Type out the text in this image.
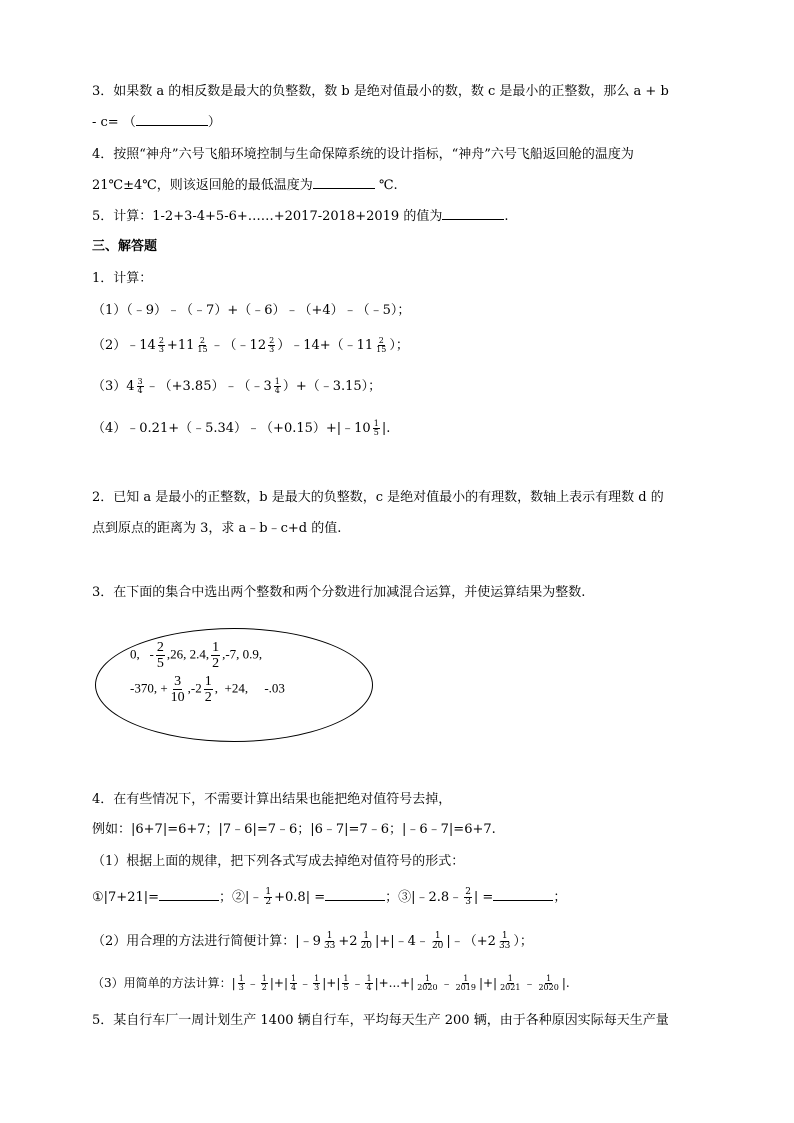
3．如果数 a 的相反数是最大的负整数，数 b 是绝对值最小的数，数 c 是最小的正整数，那么 a + b
- c= （	）
4．按照“神舟”六号飞船环境控制与生命保障系统的设计指标，“神舟”六号飞船返回舱的温度为
21℃±4℃，则该返回舱的最低温度为	℃.
5．计算：1-2+3-4+5-6+……+2017-2018+2019 的值为	.
三、解答题
1．计算：
（1）（﹣9）﹣（﹣7）+（﹣6）﹣（+4）﹣（﹣5）；
（2）﹣14 $\frac{2}{3} +11 \frac{2}{15}$ ﹣（﹣12 $\frac{2}{3}$ ）﹣14+（﹣11 $\frac{2}{15}$ ）；
$(3)4 \frac{3}{4}$ ﹣（+3.85）﹣（﹣3 $\frac{1}{4}$ ）+（﹣3.15）；
（4）﹣0.21+（﹣5.34）﹣（+0.15）+|﹣10 $\frac{1}{5}$ |.
2．已知 a 是最小的正整数，b 是最大的负整数，c 是绝对值最小的有理数，数轴上表示有理数 d 的
点到原点的距离为 3，求 a﹣b﹣c+d 的值.
3．在下面的集合中选出两个整数和两个分数进行加减混合运算，并使运算结果为整数.
0, - $\frac{2}{5} ,26$, 2.4, $\frac{1}{2} ,-7$, 0.9,
-370, + $\frac{3}{10} ,-2 \frac{1}{2}$ ,  +24,     -.03
4．在有些情况下，不需要计算出结果也能把绝对值符号去掉，
例如：|6+7|=6+7；|7﹣6|=7﹣6；|6﹣7|=7﹣6；|﹣6﹣7|=6+7.
（1）根据上面的规律，把下列各式写成去掉绝对值符号的形式：
①|7+21|=	；②|﹣ $\frac{1}{2} +0.8|$ =	；③|﹣2.8﹣ $\frac{2}{3}$ | =	；
（2）用合理的方法进行简便计算：|﹣9 $\frac{1}{33} +2 \frac{1}{20}$ |+|﹣4﹣ $\frac{1}{20}$ |﹣（+2 $\frac{1}{33}$ ）；
（3）用简单的方法计算：| $\frac{1}{3}$ ﹣ $\frac{1}{2}$ |+| $\frac{1}{4}$ ﹣ $\frac{1}{3}$ |+| $\frac{1}{5}$ ﹣ $\frac{1}{4}$ |+...+| $\frac{1}{2020}$ ﹣ $\frac{1}{2019}$ |+| $\frac{1}{2021}$ ﹣ $\frac{1}{2020}$ |.
5．某自行车厂一周计划生产 1400 辆自行车，平均每天生产 200 辆，由于各种原因实际每天生产量
